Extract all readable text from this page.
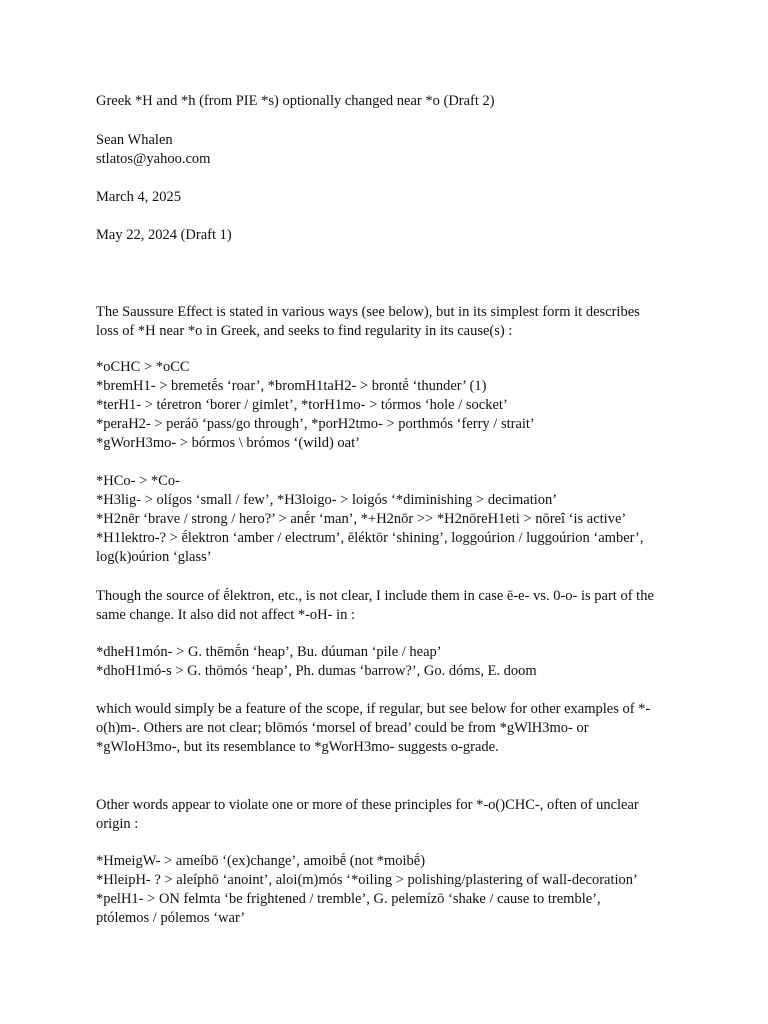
Greek *H and *h (from PIE *s) optionally changed near *o (Draft 2)

Sean Whalen

stlatos@yahoo.com

March 4, 2025

May 22, 2024 (Draft 1)

The Saussure Effect is stated in various ways (see below), but in its simplest form it describes

loss of *H near *o in Greek, and seeks to find regularity in its cause(s) :

*oCHC > *oCC

*bremH1- > bremetḗs ‘roar’, *bromH1taH2- > brontḗ ‘thunder’ (1)

*terH1- > téretron ‘borer / gimlet’, *torH1mo- > tórmos ‘hole / socket’

*peraH2- > peráō ‘pass/go through’, *porH2tmo- > porthmós ‘ferry / strait’

*gWorH3mo- > bórmos \ brómos ‘(wild) oat’

*HCo- > *Co-

*H3lig- > olígos ‘small / few’, *H3loigo- > loigós ‘*diminishing > decimation’

*H2nēr ‘brave / strong / hero?’ > anḗr ‘man’, *+H2nōr >> *H2nōreH1eti > nōreî ‘is active’

*H1lektro-? > ḗlektron ‘amber / electrum’, ēléktōr ‘shining’, loggoúrion / luggoúrion ‘amber’,

log(k)oúrion ‘glass’

Though the source of ḗlektron, etc., is not clear, I include them in case ē-e- vs. 0-o- is part of the

same change. It also did not affect *-oH- in :

*dheH1món- > G. thēmṓn ‘heap’, Bu. dúuman ‘pile / heap’

*dhoH1mó-s > G. thōmós ‘heap’, Ph. dumas ‘barrow?’, Go. dóms, E. doom

which would simply be a feature of the scope, if regular, but see below for other examples of *-

o(h)m-. Others are not clear; blōmós ‘morsel of bread’ could be from *gWlH3mo- or

*gWloH3mo-, but its resemblance to *gWorH3mo- suggests o-grade.

Other words appear to violate one or more of these principles for *-o()CHC-, often of unclear

origin :

*HmeigW- > ameíbō ‘(ex)change’, amoibḗ (not *moibḗ)

*HleipH- ? > aleíphō ‘anoint’, aloi(m)mós ‘*oiling > polishing/plastering of wall-decoration’

*pelH1- > ON felmta ‘be frightened / tremble’, G. pelemízō ‘shake / cause to tremble’,

ptólemos / pólemos ‘war’
